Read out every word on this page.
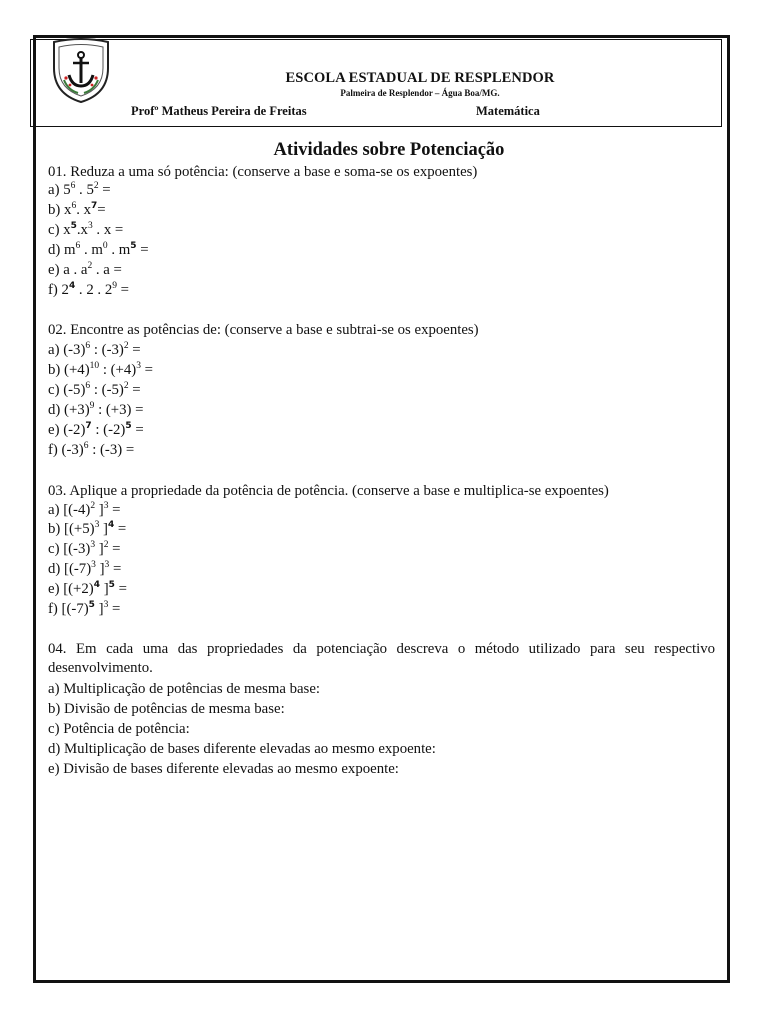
ESCOLA ESTADUAL DE RESPLENDOR
Palmeira de Resplendor – Água Boa/MG.
Profº Matheus Pereira de Freitas	Matemática
Atividades sobre Potenciação
01. Reduza a uma só potência: (conserve a base e soma-se os expoentes)
a) $5^6$ . $5^2$ =
b) $x^6$. $x^7=$
c) $x^5.x^3$ . x =
d) $m^6$ . $m^0$ . $m^5$ =
e) a . $a^2$ . a =
f) $2^4$ . 2 . $2^9$ =
02. Encontre as potências de: (conserve a base e subtrai-se os expoentes)
a) $(-3)^6$ : $(-3)^2$ =
b) $(+4)^{10}$ : $(+4)^3$ =
c) $(-5)^6$ : $(-5)^2$ =
d) $(+3)^9$ : (+3) =
e) $(-2)^7$ : $(-2)^5$ =
f) $(-3)^6$ : (-3) =
03. Aplique a propriedade da potência de potência. (conserve a base e multiplica-se expoentes)
a) [$(-4)^2$ ]$^3$ =
b) [$(+5)^3$ ]$^4$ =
c) [$(-3)^3$ ]$^2$ =
d) [$(-7)^3$ ]$^3$ =
e) [$(+2)^4$ ]$^5$ =
f) [$(-7)^5$ ]$^3$ =
04. Em cada uma das propriedades da potenciação descreva o método utilizado para seu respectivo
desenvolvimento.
a) Multiplicação de potências de mesma base:
b) Divisão de potências de mesma base:
c) Potência de potência:
d) Multiplicação de bases diferente elevadas ao mesmo expoente:
e) Divisão de bases diferente elevadas ao mesmo expoente:
